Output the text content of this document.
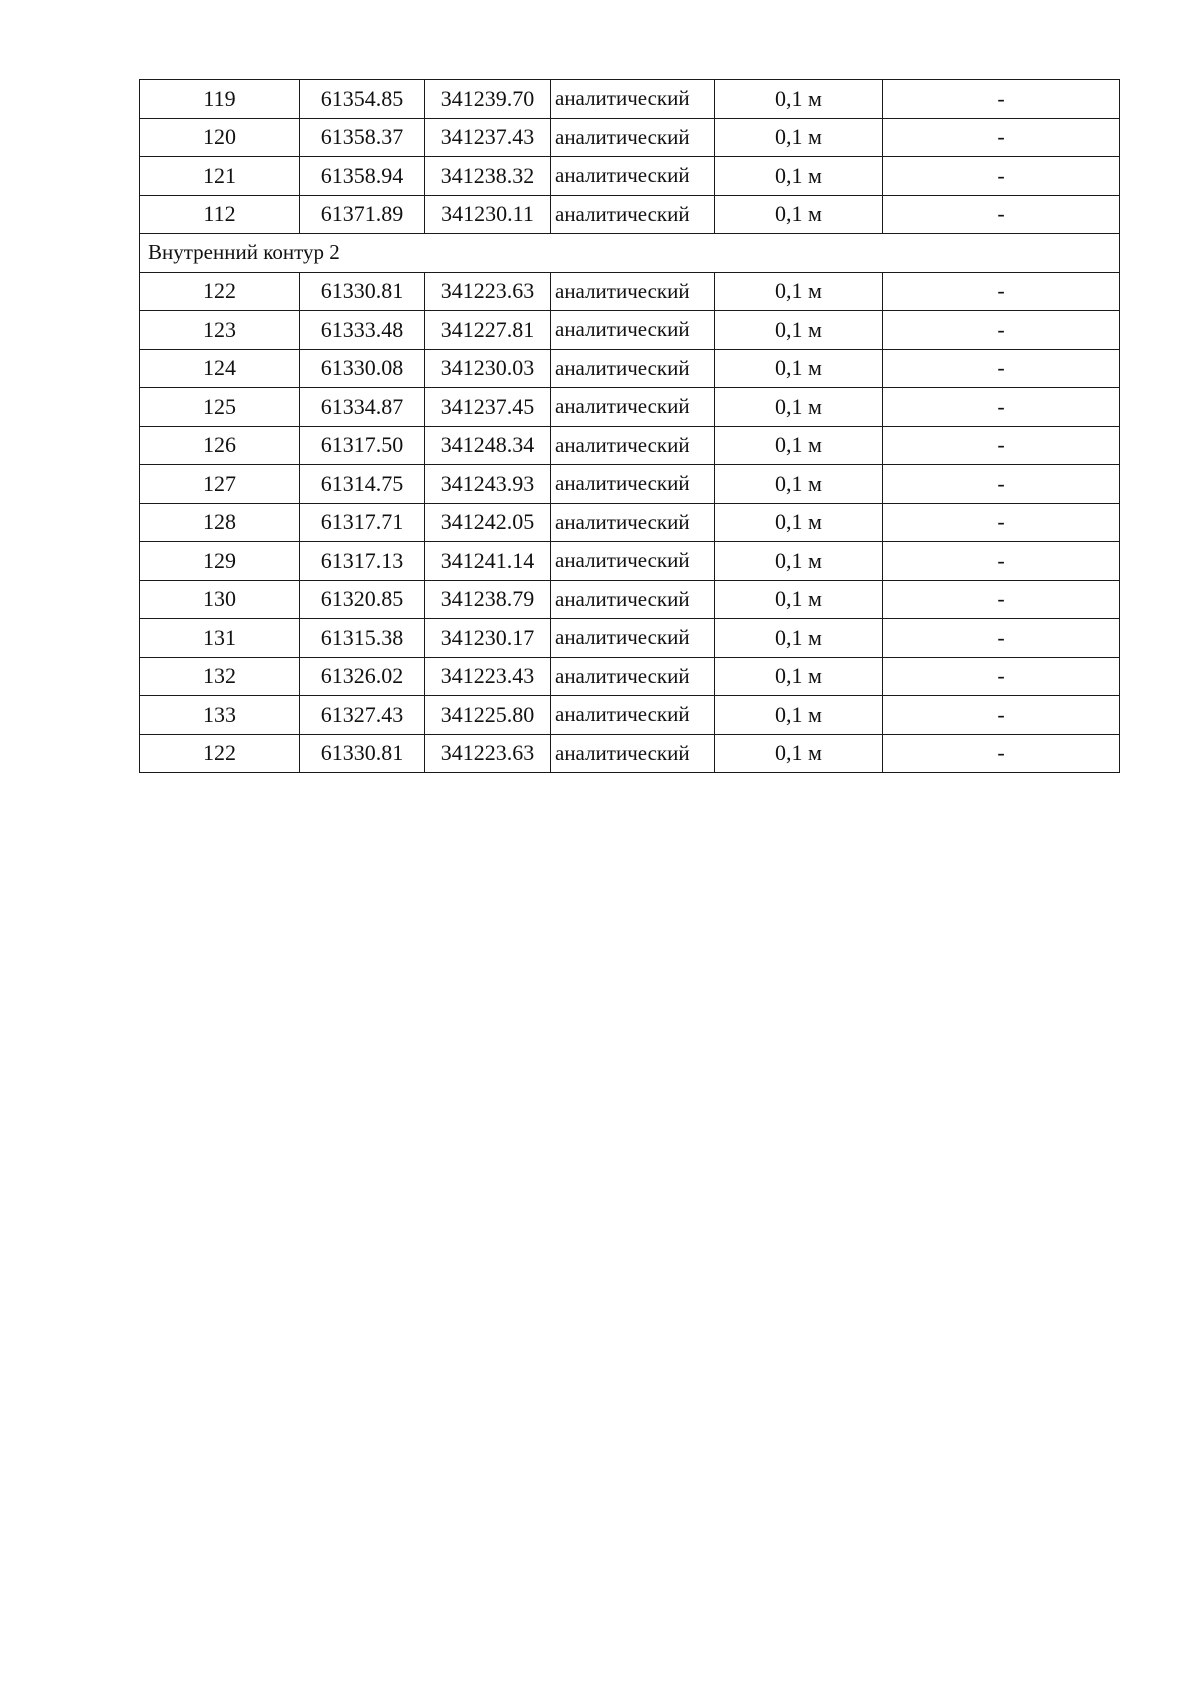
119	61354.85	341239.70	аналитический	0,1 м	-
120	61358.37	341237.43	аналитический	0,1 м	-
121	61358.94	341238.32	аналитический	0,1 м	-
112	61371.89	341230.11	аналитический	0,1 м	-
Внутренний контур 2					
122	61330.81	341223.63	аналитический	0,1 м	-
123	61333.48	341227.81	аналитический	0,1 м	-
124	61330.08	341230.03	аналитический	0,1 м	-
125	61334.87	341237.45	аналитический	0,1 м	-
126	61317.50	341248.34	аналитический	0,1 м	-
127	61314.75	341243.93	аналитический	0,1 м	-
128	61317.71	341242.05	аналитический	0,1 м	-
129	61317.13	341241.14	аналитический	0,1 м	-
130	61320.85	341238.79	аналитический	0,1 м	-
131	61315.38	341230.17	аналитический	0,1 м	-
132	61326.02	341223.43	аналитический	0,1 м	-
133	61327.43	341225.80	аналитический	0,1 м	-
122	61330.81	341223.63	аналитический	0,1 м	-
